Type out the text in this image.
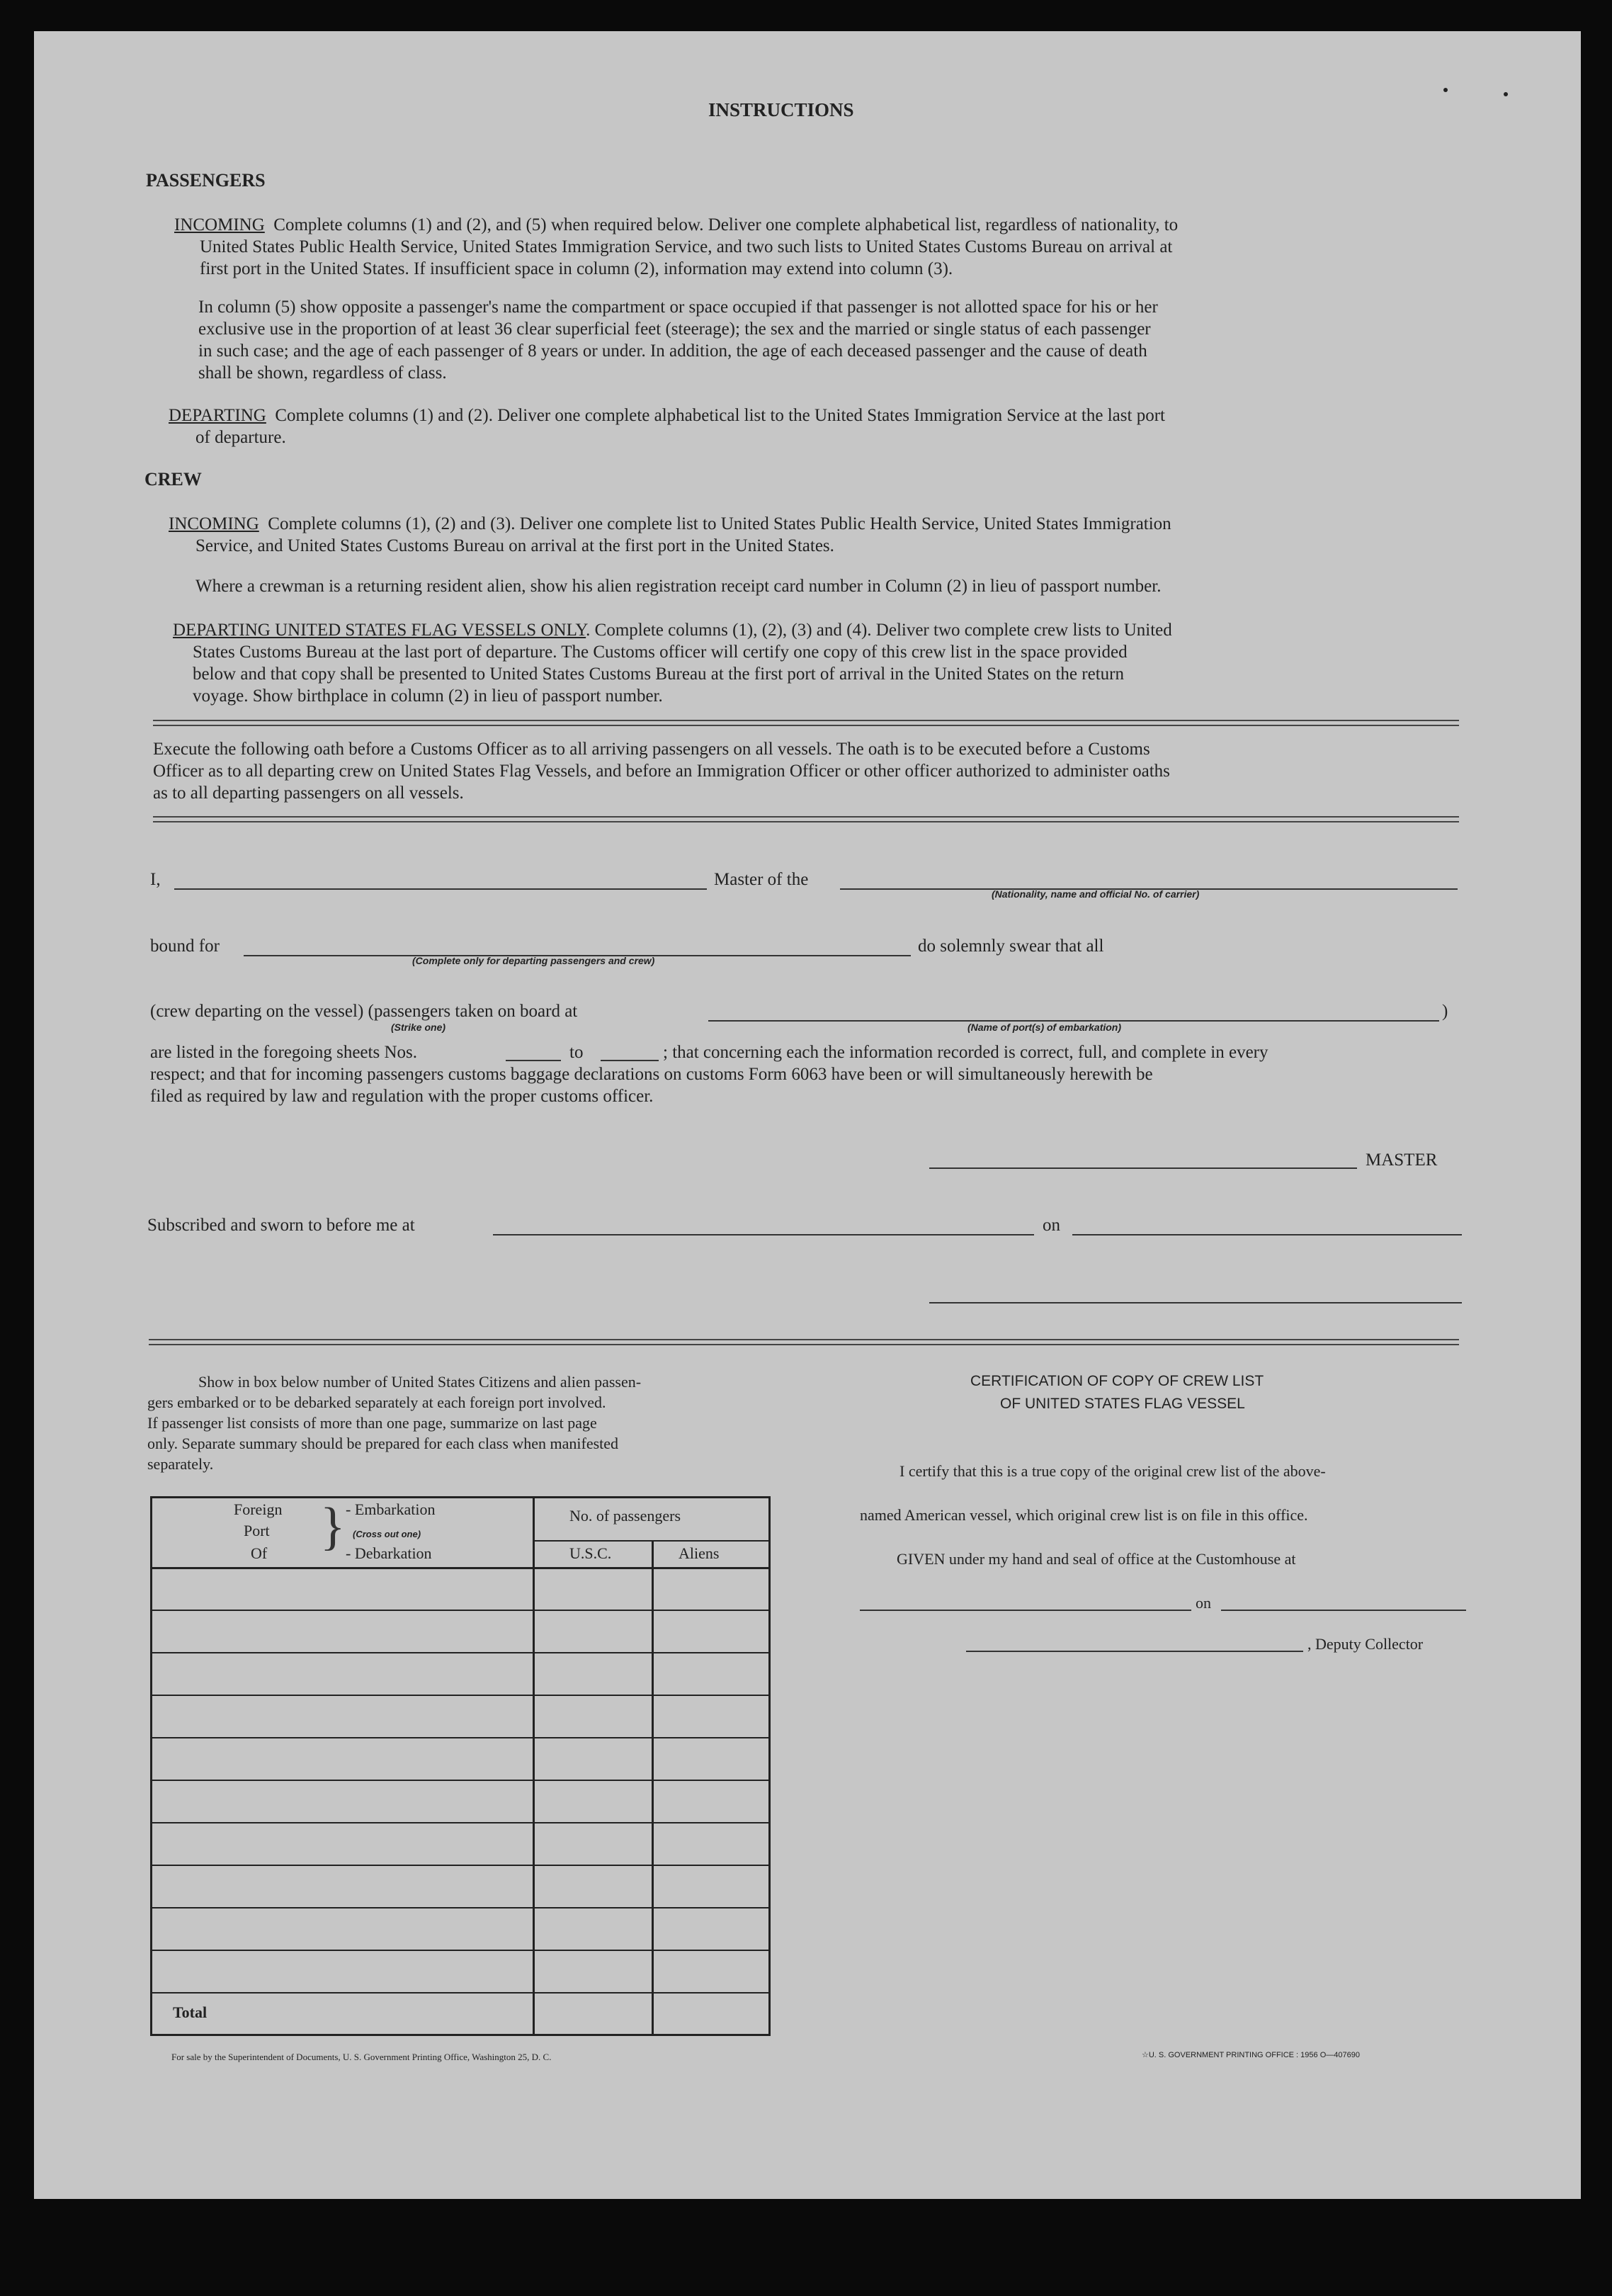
INSTRUCTIONS
PASSENGERS
INCOMING Complete columns (1) and (2), and (5) when required below. Deliver one complete alphabetical list, regardless of nationality, to
United States Public Health Service, United States Immigration Service, and two such lists to United States Customs Bureau on arrival at
first port in the United States. If insufficient space in column (2), information may extend into column (3).
In column (5) show opposite a passenger's name the compartment or space occupied if that passenger is not allotted space for his or her
exclusive use in the proportion of at least 36 clear superficial feet (steerage); the sex and the married or single status of each passenger
in such case; and the age of each passenger of 8 years or under. In addition, the age of each deceased passenger and the cause of death
shall be shown, regardless of class.
DEPARTING Complete columns (1) and (2). Deliver one complete alphabetical list to the United States Immigration Service at the last port
of departure.
CREW
INCOMING Complete columns (1), (2) and (3). Deliver one complete list to United States Public Health Service, United States Immigration
Service, and United States Customs Bureau on arrival at the first port in the United States.
Where a crewman is a returning resident alien, show his alien registration receipt card number in Column (2) in lieu of passport number.
DEPARTING UNITED STATES FLAG VESSELS ONLY. Complete columns (1), (2), (3) and (4). Deliver two complete crew lists to United
States Customs Bureau at the last port of departure. The Customs officer will certify one copy of this crew list in the space provided
below and that copy shall be presented to United States Customs Bureau at the first port of arrival in the United States on the return
voyage. Show birthplace in column (2) in lieu of passport number.
Execute the following oath before a Customs Officer as to all arriving passengers on all vessels. The oath is to be executed before a Customs
Officer as to all departing crew on United States Flag Vessels, and before an Immigration Officer or other officer authorized to administer oaths
as to all departing passengers on all vessels.
I,	Master of the
(Nationality, name and official No. of carrier)
bound for	do solemnly swear that all
(Complete only for departing passengers and crew)
(crew departing on the vessel) (passengers taken on board at	)
(Strike one)	(Name of port(s) of embarkation)
are listed in the foregoing sheets Nos.	to	; that concerning each the information recorded is correct, full, and complete in every
respect; and that for incoming passengers customs baggage declarations on customs Form 6063 have been or will simultaneously herewith be
filed as required by law and regulation with the proper customs officer.
MASTER
Subscribed and sworn to before me at	on
Show in box below number of United States Citizens and alien passen-
gers embarked or to be debarked separately at each foreign port involved.
If passenger list consists of more than one page, summarize on last page
only. Separate summary should be prepared for each class when manifested
separately.
Foreign
Port
Of } - Embarkation
(Cross out one)
- Debarkation
No. of passengers
U.S.C.	Aliens
Total
CERTIFICATION OF COPY OF CREW LIST
OF UNITED STATES FLAG VESSEL
I certify that this is a true copy of the original crew list of the above-
named American vessel, which original crew list is on file in this office.
GIVEN under my hand and seal of office at the Customhouse at
on
, Deputy Collector
For sale by the Superintendent of Documents, U. S. Government Printing Office, Washington 25, D. C.	☆U. S. GOVERNMENT PRINTING OFFICE : 1956 O—407690
